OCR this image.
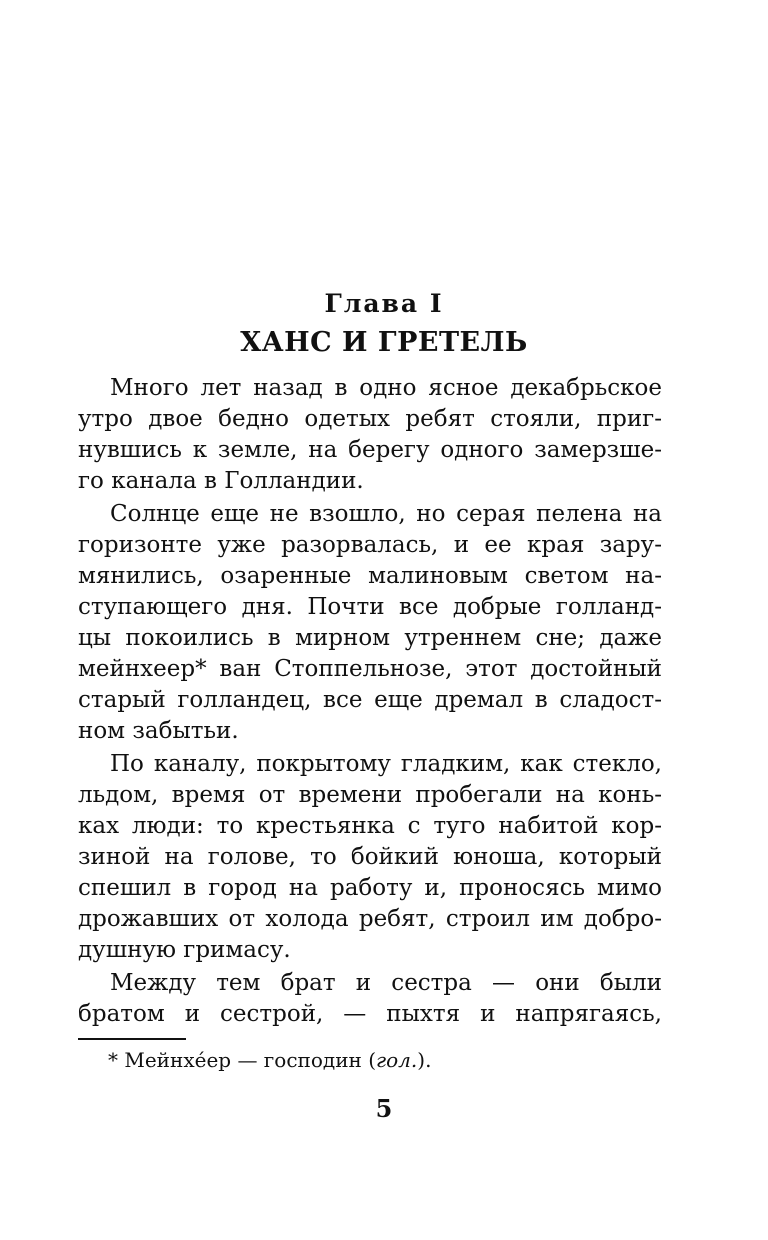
Глава I
ХАНС И ГРЕТЕЛЬ
Много лет назад в одно ясное декабрьское
утро двое бедно одетых ребят стояли, приг-
нувшись к земле, на берегу одного замерзше-
го канала в Голландии.
Солнце еще не взошло, но серая пелена на
горизонте уже разорвалась, и ее края зару-
мянились, озаренные малиновым светом на-
ступающего дня. Почти все добрые голланд-
цы покоились в мирном утреннем сне; даже
мейнхеер* ван Стоппельнозе, этот достойный
старый голландец, все еще дремал в сладост-
ном забытьи.
По каналу, покрытому гладким, как стекло,
льдом, время от времени пробегали на конь-
ках люди: то крестьянка с туго набитой кор-
зиной на голове, то бойкий юноша, который
спешил в город на работу и, проносясь мимо
дрожавших от холода ребят, строил им добро-
душную гримасу.
Между тем брат и сестра — они были
братом и сестрой, — пыхтя и напрягаясь,
* Мейнхе́ер — господин (гол.).
5
